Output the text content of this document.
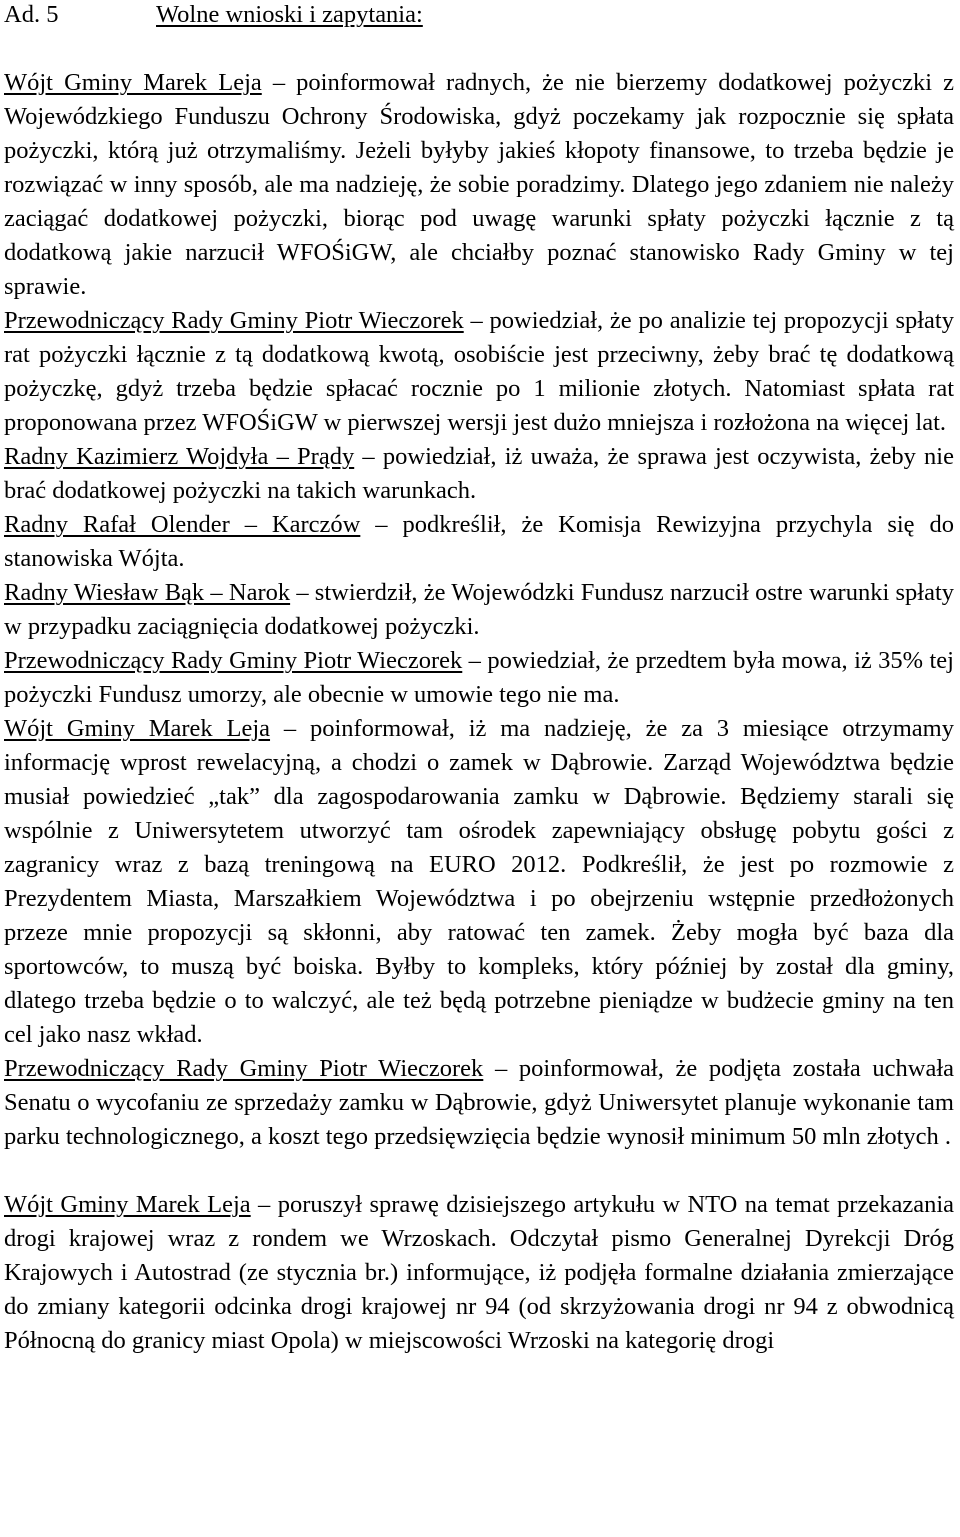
Ad. 5	Wolne wnioski i zapytania:

Wójt Gminy Marek Leja – poinformował radnych, że nie bierzemy dodatkowej pożyczki z Wojewódzkiego Funduszu Ochrony Środowiska, gdyż poczekamy jak rozpocznie się spłata pożyczki, którą już otrzymaliśmy. Jeżeli byłyby jakieś kłopoty finansowe, to trzeba będzie je rozwiązać w inny sposób, ale ma nadzieję, że sobie poradzimy. Dlatego jego zdaniem nie należy zaciągać dodatkowej pożyczki, biorąc pod uwagę warunki spłaty pożyczki łącznie z tą dodatkową jakie narzucił WFOŚiGW, ale chciałby poznać stanowisko Rady Gminy w tej sprawie.

Przewodniczący Rady Gminy Piotr Wieczorek – powiedział, że po analizie tej propozycji spłaty rat pożyczki łącznie z tą dodatkową kwotą, osobiście jest przeciwny, żeby brać tę dodatkową pożyczkę, gdyż trzeba będzie spłacać rocznie po 1 milionie złotych. Natomiast spłata rat proponowana przez WFOŚiGW w pierwszej wersji jest dużo mniejsza i rozłożona na więcej lat.

Radny Kazimierz Wojdyła – Prądy – powiedział, iż uważa, że sprawa jest oczywista, żeby nie brać dodatkowej pożyczki na takich warunkach.

Radny Rafał Olender – Karczów – podkreślił, że Komisja Rewizyjna przychyla się do stanowiska Wójta.

Radny Wiesław Bąk – Narok – stwierdził, że Wojewódzki Fundusz narzucił ostre warunki spłaty w przypadku zaciągnięcia dodatkowej pożyczki.

Przewodniczący Rady Gminy Piotr Wieczorek – powiedział, że przedtem była mowa, iż 35% tej pożyczki Fundusz umorzy, ale obecnie w umowie tego nie ma.

Wójt Gminy Marek Leja – poinformował, iż ma nadzieję, że za 3 miesiące otrzymamy informację wprost rewelacyjną, a chodzi o zamek w Dąbrowie. Zarząd Województwa będzie musiał powiedzieć „tak” dla zagospodarowania zamku w Dąbrowie. Będziemy starali się wspólnie z Uniwersytetem utworzyć tam ośrodek zapewniający obsługę pobytu gości z zagranicy wraz z bazą treningową na EURO 2012. Podkreślił, że jest po rozmowie z Prezydentem Miasta, Marszałkiem Województwa i po obejrzeniu wstępnie przedłożonych przeze mnie propozycji są skłonni, aby ratować ten zamek. Żeby mogła być baza dla sportowców, to muszą być boiska. Byłby to kompleks, który później by został dla gminy, dlatego trzeba będzie o to walczyć, ale też będą potrzebne pieniądze w budżecie gminy na ten cel jako nasz wkład.

Przewodniczący Rady Gminy Piotr Wieczorek – poinformował, że podjęta została uchwała Senatu o wycofaniu ze sprzedaży zamku w Dąbrowie, gdyż Uniwersytet planuje wykonanie tam parku technologicznego, a koszt tego przedsięwzięcia będzie wynosił minimum 50 mln złotych .

Wójt Gminy Marek Leja – poruszył sprawę dzisiejszego artykułu w NTO na temat przekazania drogi krajowej wraz z rondem we Wrzoskach. Odczytał pismo Generalnej Dyrekcji Dróg Krajowych i Autostrad (ze stycznia br.) informujące, iż podjęła formalne działania zmierzające do zmiany kategorii odcinka drogi krajowej nr 94 (od skrzyżowania drogi nr 94 z obwodnicą Północną do granicy miast Opola) w miejscowości Wrzoski na kategorię drogi
